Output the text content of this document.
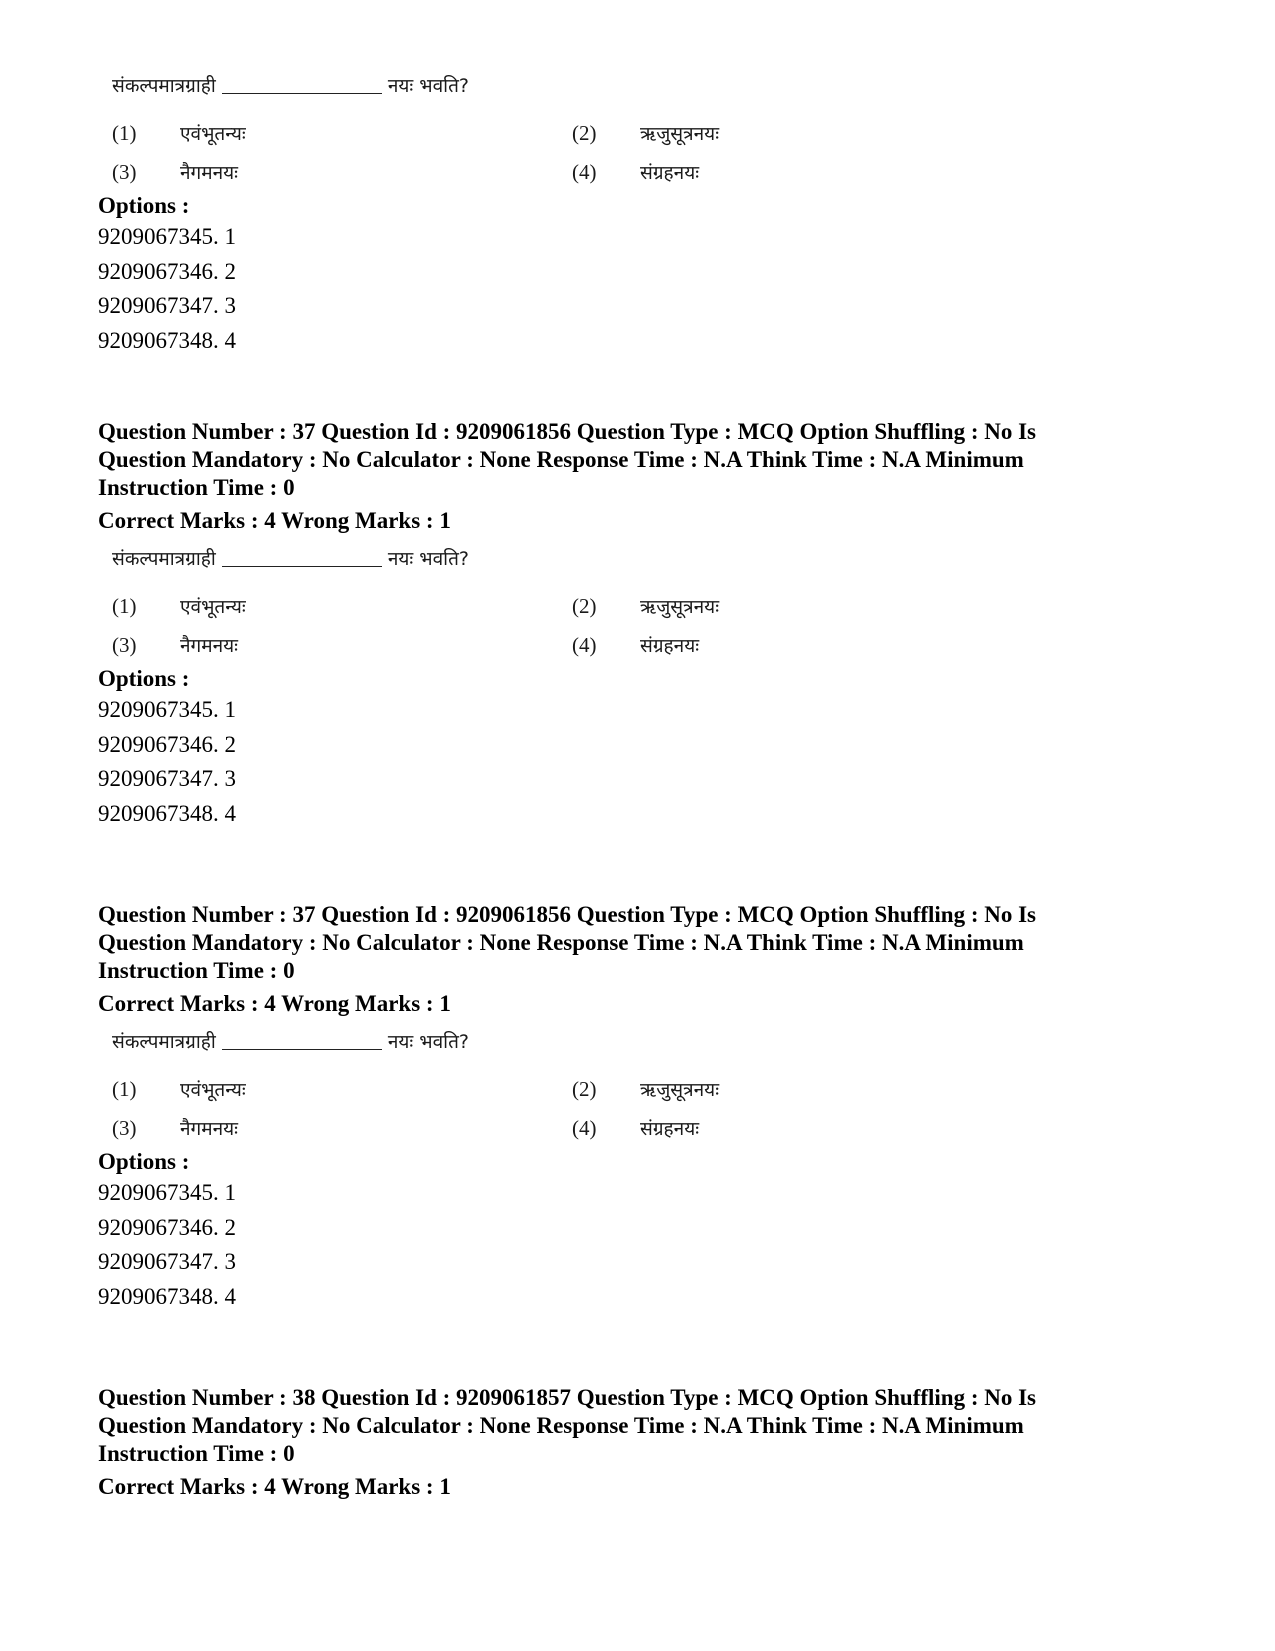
संकल्पमात्रग्राही	नयः भवति?
(1) एवंभूतन्यः	(2) ऋजुसूत्रनयः
(3) नैगमनयः	(4) संग्रहनयः
Options :
9209067345. 1
9209067346. 2
9209067347. 3
9209067348. 4
Question Number : 37 Question Id : 9209061856 Question Type : MCQ Option Shuffling : No Is
Question Mandatory : No Calculator : None Response Time : N.A Think Time : N.A Minimum
Instruction Time : 0
Correct Marks : 4 Wrong Marks : 1
संकल्पमात्रग्राही	नयः भवति?
(1) एवंभूतन्यः	(2) ऋजुसूत्रनयः
(3) नैगमनयः	(4) संग्रहनयः
Options :
9209067345. 1
9209067346. 2
9209067347. 3
9209067348. 4
Question Number : 37 Question Id : 9209061856 Question Type : MCQ Option Shuffling : No Is
Question Mandatory : No Calculator : None Response Time : N.A Think Time : N.A Minimum
Instruction Time : 0
Correct Marks : 4 Wrong Marks : 1
संकल्पमात्रग्राही	नयः भवति?
(1) एवंभूतन्यः	(2) ऋजुसूत्रनयः
(3) नैगमनयः	(4) संग्रहनयः
Options :
9209067345. 1
9209067346. 2
9209067347. 3
9209067348. 4
Question Number : 38 Question Id : 9209061857 Question Type : MCQ Option Shuffling : No Is
Question Mandatory : No Calculator : None Response Time : N.A Think Time : N.A Minimum
Instruction Time : 0
Correct Marks : 4 Wrong Marks : 1
